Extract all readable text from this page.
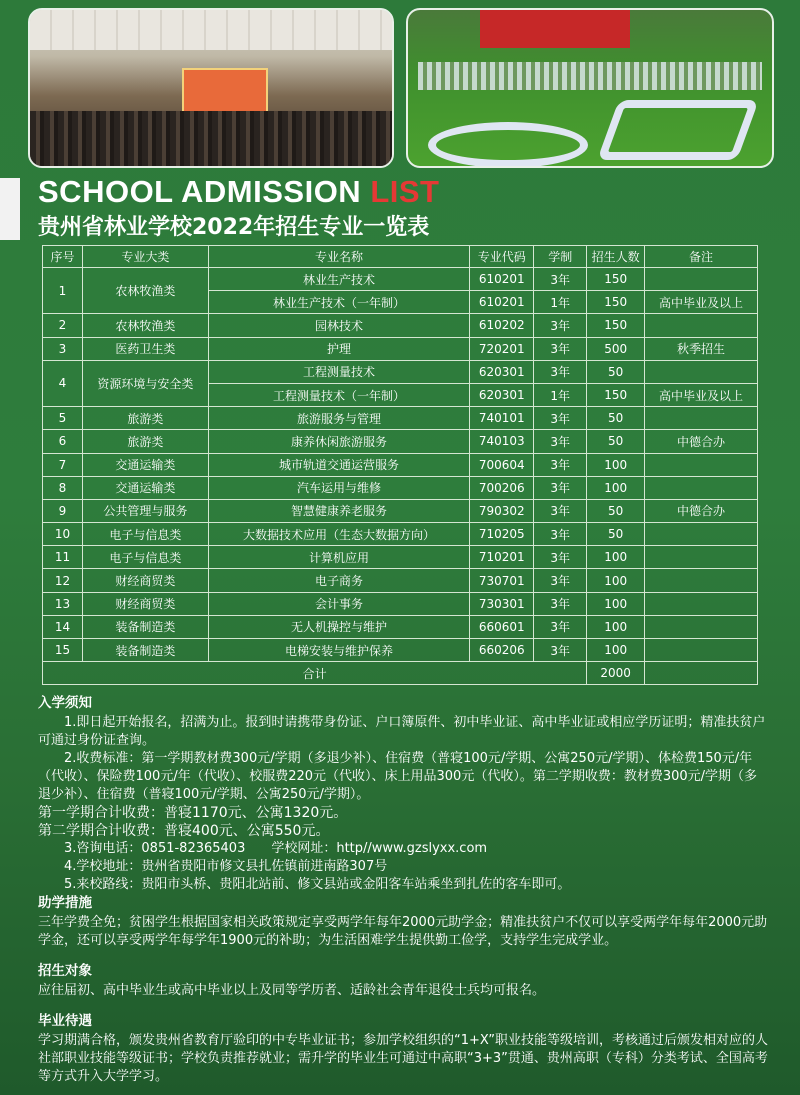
SCHOOL ADMISSION LIST
贵州省林业学校2022年招生专业一览表
序号	专业大类	专业名称	专业代码	学制	招生人数	备注
1	农林牧渔类	林业生产技术	610201	3年	150	
		林业生产技术（一年制）	610201	1年	150	高中毕业及以上
2	农林牧渔类	园林技术	610202	3年	150	
3	医药卫生类	护理	720201	3年	500	秋季招生
4	资源环境与安全类	工程测量技术	620301	3年	50	
		工程测量技术（一年制）	620301	1年	150	高中毕业及以上
5	旅游类	旅游服务与管理	740101	3年	50	
6	旅游类	康养休闲旅游服务	740103	3年	50	中德合办
7	交通运输类	城市轨道交通运营服务	700604	3年	100	
8	交通运输类	汽车运用与维修	700206	3年	100	
9	公共管理与服务	智慧健康养老服务	790302	3年	50	中德合办
10	电子与信息类	大数据技术应用（生态大数据方向）	710205	3年	50	
11	电子与信息类	计算机应用	710201	3年	100	
12	财经商贸类	电子商务	730701	3年	100	
13	财经商贸类	会计事务	730301	3年	100	
14	装备制造类	无人机操控与维护	660601	3年	100	
15	装备制造类	电梯安装与维护保养	660206	3年	100	
合计					2000	
入学须知
1.即日起开始报名，招满为止。报到时请携带身份证、户口簿原件、初中毕业证、高中毕业证或相应学历证明；精准扶贫户可通过身份证查询。
2.收费标准：第一学期教材费300元/学期（多退少补）、住宿费（普寝100元/学期、公寓250元/学期）、体检费150元/年（代收）、保险费100元/年（代收）、校服费220元（代收）、床上用品300元（代收）。第二学期收费：教材费300元/学期（多退少补）、住宿费（普寝100元/学期、公寓250元/学期）。
第一学期合计收费：普寝1170元、公寓1320元。
第二学期合计收费：普寝400元、公寓550元。
3.咨询电话：0851-82365403　　学校网址：http//www.gzslyxx.com
4.学校地址：贵州省贵阳市修文县扎佐镇前进南路307号
5.来校路线：贵阳市头桥、贵阳北站前、修文县站或金阳客车站乘坐到扎佐的客车即可。
助学措施
三年学费全免；贫困学生根据国家相关政策规定享受两学年每年2000元助学金；精准扶贫户不仅可以享受两学年每年2000元助学金，还可以享受两学年每学年1900元的补助；为生活困难学生提供勤工俭学，支持学生完成学业。
招生对象
应往届初、高中毕业生或高中毕业以上及同等学历者、适龄社会青年退役士兵均可报名。
毕业待遇
学习期满合格，颁发贵州省教育厅验印的中专毕业证书；参加学校组织的“1+X”职业技能等级培训，考核通过后颁发相对应的人社部职业技能等级证书；学校负责推荐就业；需升学的毕业生可通过中高职“3+3”贯通、贵州高职（专科）分类考试、全国高考等方式升入大学学习。
